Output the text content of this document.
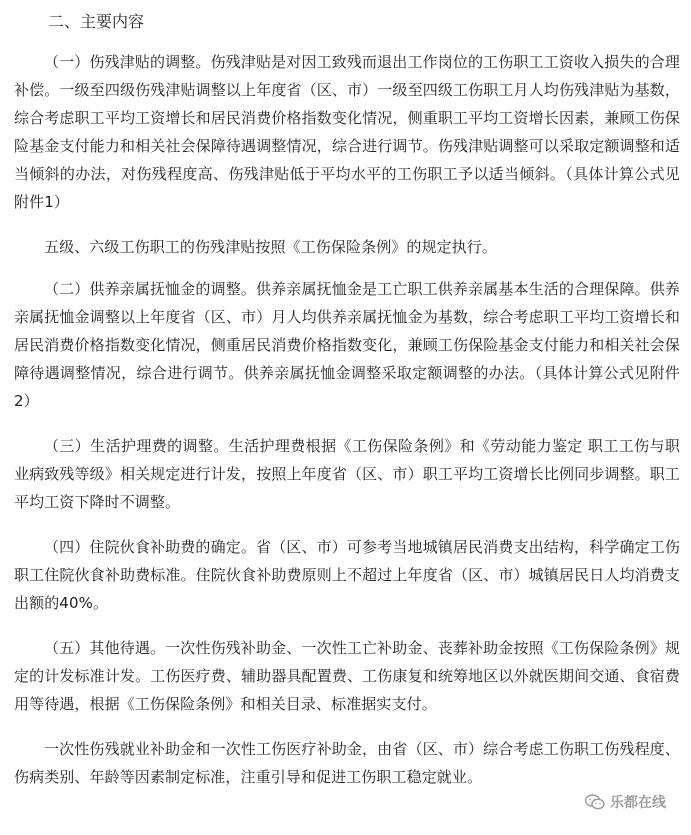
二、主要内容

（一）伤残津贴的调整。伤残津贴是对因工致残而退出工作岗位的工伤职工工资收入损失的合理补偿。一级至四级伤残津贴调整以上年度省（区、市）一级至四级工伤职工月人均伤残津贴为基数，综合考虑职工平均工资增长和居民消费价格指数变化情况，侧重职工平均工资增长因素，兼顾工伤保险基金支付能力和相关社会保障待遇调整情况，综合进行调节。伤残津贴调整可以采取定额调整和适当倾斜的办法，对伤残程度高、伤残津贴低于平均水平的工伤职工予以适当倾斜。（具体计算公式见附件1）

五级、六级工伤职工的伤残津贴按照《工伤保险条例》的规定执行。

（二）供养亲属抚恤金的调整。供养亲属抚恤金是工亡职工供养亲属基本生活的合理保障。供养亲属抚恤金调整以上年度省（区、市）月人均供养亲属抚恤金为基数，综合考虑职工平均工资增长和居民消费价格指数变化情况，侧重居民消费价格指数变化，兼顾工伤保险基金支付能力和相关社会保障待遇调整情况，综合进行调节。供养亲属抚恤金调整采取定额调整的办法。（具体计算公式见附件2）

（三）生活护理费的调整。生活护理费根据《工伤保险条例》和《劳动能力鉴定 职工工伤与职业病致残等级》相关规定进行计发，按照上年度省（区、市）职工平均工资增长比例同步调整。职工平均工资下降时不调整。

（四）住院伙食补助费的确定。省（区、市）可参考当地城镇居民消费支出结构，科学确定工伤职工住院伙食补助费标准。住院伙食补助费原则上不超过上年度省（区、市）城镇居民日人均消费支出额的40%。

（五）其他待遇。一次性伤残补助金、一次性工亡补助金、丧葬补助金按照《工伤保险条例》规定的计发标准计发。工伤医疗费、辅助器具配置费、工伤康复和统筹地区以外就医期间交通、食宿费用等待遇，根据《工伤保险条例》和相关目录、标准据实支付。

一次性伤残就业补助金和一次性工伤医疗补助金，由省（区、市）综合考虑工伤职工伤残程度、伤病类别、年龄等因素制定标准，注重引导和促进工伤职工稳定就业。

乐都在线
